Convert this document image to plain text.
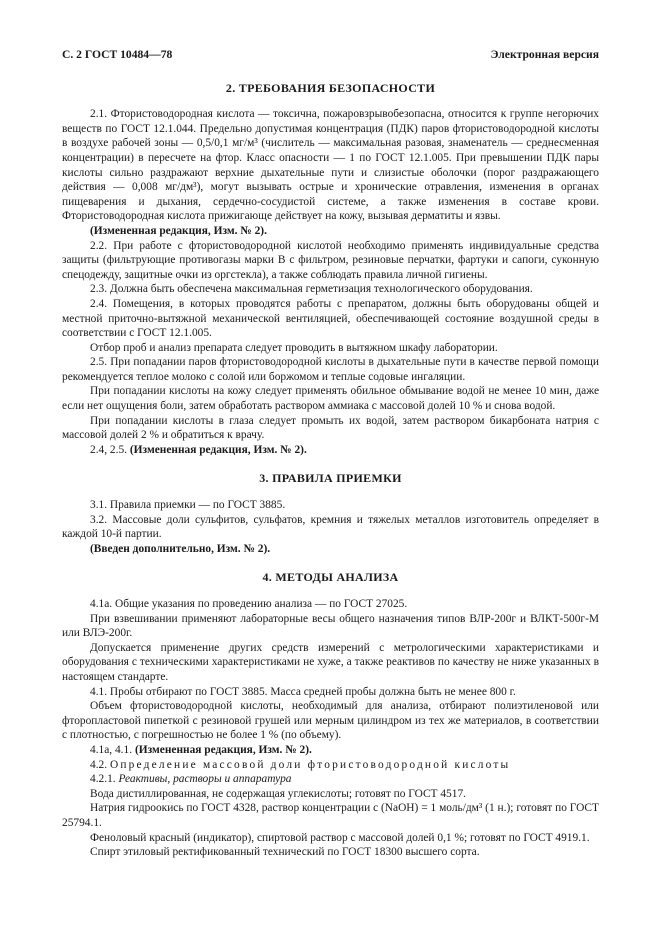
С. 2 ГОСТ 10484—78	Электронная версия
2. ТРЕБОВАНИЯ БЕЗОПАСНОСТИ

2.1. Фтористоводородная кислота — токсична, пожаровзрывобезопасна, относится к группе негорючих веществ по ГОСТ 12.1.044. Предельно допустимая концентрация (ПДК) паров фтористоводородной кислоты в воздухе рабочей зоны — 0,5/0,1 мг/м³ (числитель — максимальная разовая, знаменатель — среднесменная концентрации) в пересчете на фтор. Класс опасности — 1 по ГОСТ 12.1.005. При превышении ПДК пары кислоты сильно раздражают верхние дыхательные пути и слизистые оболочки (порог раздражающего действия — 0,008 мг/дм³), могут вызывать острые и хронические отравления, изменения в органах пищеварения и дыхания, сердечно-сосудистой системе, а также изменения в составе крови. Фтористоводородная кислота прижигающе действует на кожу, вызывая дерматиты и язвы.

(Измененная редакция, Изм. № 2).

2.2. При работе с фтористоводородной кислотой необходимо применять индивидуальные средства защиты (фильтрующие противогазы марки В с фильтром, резиновые перчатки, фартуки и сапоги, суконную спецодежду, защитные очки из оргстекла), а также соблюдать правила личной гигиены.

2.3. Должна быть обеспечена максимальная герметизация технологического оборудования.

2.4. Помещения, в которых проводятся работы с препаратом, должны быть оборудованы общей и местной приточно-вытяжной механической вентиляцией, обеспечивающей состояние воздушной среды в соответствии с ГОСТ 12.1.005.

Отбор проб и анализ препарата следует проводить в вытяжном шкафу лаборатории.

2.5. При попадании паров фтористоводородной кислоты в дыхательные пути в качестве первой помощи рекомендуется теплое молоко с солой или боржомом и теплые содовые ингаляции.

При попадании кислоты на кожу следует применять обильное обмывание водой не менее 10 мин, даже если нет ощущения боли, затем обработать раствором аммиака с массовой долей 10 % и снова водой.

При попадании кислоты в глаза следует промыть их водой, затем раствором бикарбоната натрия с массовой долей 2 % и обратиться к врачу.

2.4, 2.5. (Измененная редакция, Изм. № 2).

3. ПРАВИЛА ПРИЕМКИ

3.1. Правила приемки — по ГОСТ 3885.

3.2. Массовые доли сульфитов, сульфатов, кремния и тяжелых металлов изготовитель определяет в каждой 10-й партии.

(Введен дополнительно, Изм. № 2).

4. МЕТОДЫ АНАЛИЗА

4.1а. Общие указания по проведению анализа — по ГОСТ 27025.

При взвешивании применяют лабораторные весы общего назначения типов ВЛР-200г и ВЛКТ-500г-М или ВЛЭ-200г.

Допускается применение других средств измерений с метрологическими характеристиками и оборудования с техническими характеристиками не хуже, а также реактивов по качеству не ниже указанных в настоящем стандарте.

4.1. Пробы отбирают по ГОСТ 3885. Масса средней пробы должна быть не менее 800 г.

Объем фтористоводородной кислоты, необходимый для анализа, отбирают полиэтиленовой или фторопластовой пипеткой с резиновой грушей или мерным цилиндром из тех же материалов, в соответствии с плотностью, с погрешностью не более 1 % (по объему).

4.1а, 4.1. (Измененная редакция, Изм. № 2).

4.2. Определение массовой доли фтористоводородной кислоты

4.2.1. Реактивы, растворы и аппаратура

Вода дистиллированная, не содержащая углекислоты; готовят по ГОСТ 4517.

Натрия гидроокись по ГОСТ 4328, раствор концентрации с (NaOH) = 1 моль/дм³ (1 н.); готовят по ГОСТ 25794.1.

Фенoловый красный (индикатор), спиртовой раствор с массовой долей 0,1 %; готовят по ГОСТ 4919.1.

Спирт этиловый ректификованный технический по ГОСТ 18300 высшего сорта.
